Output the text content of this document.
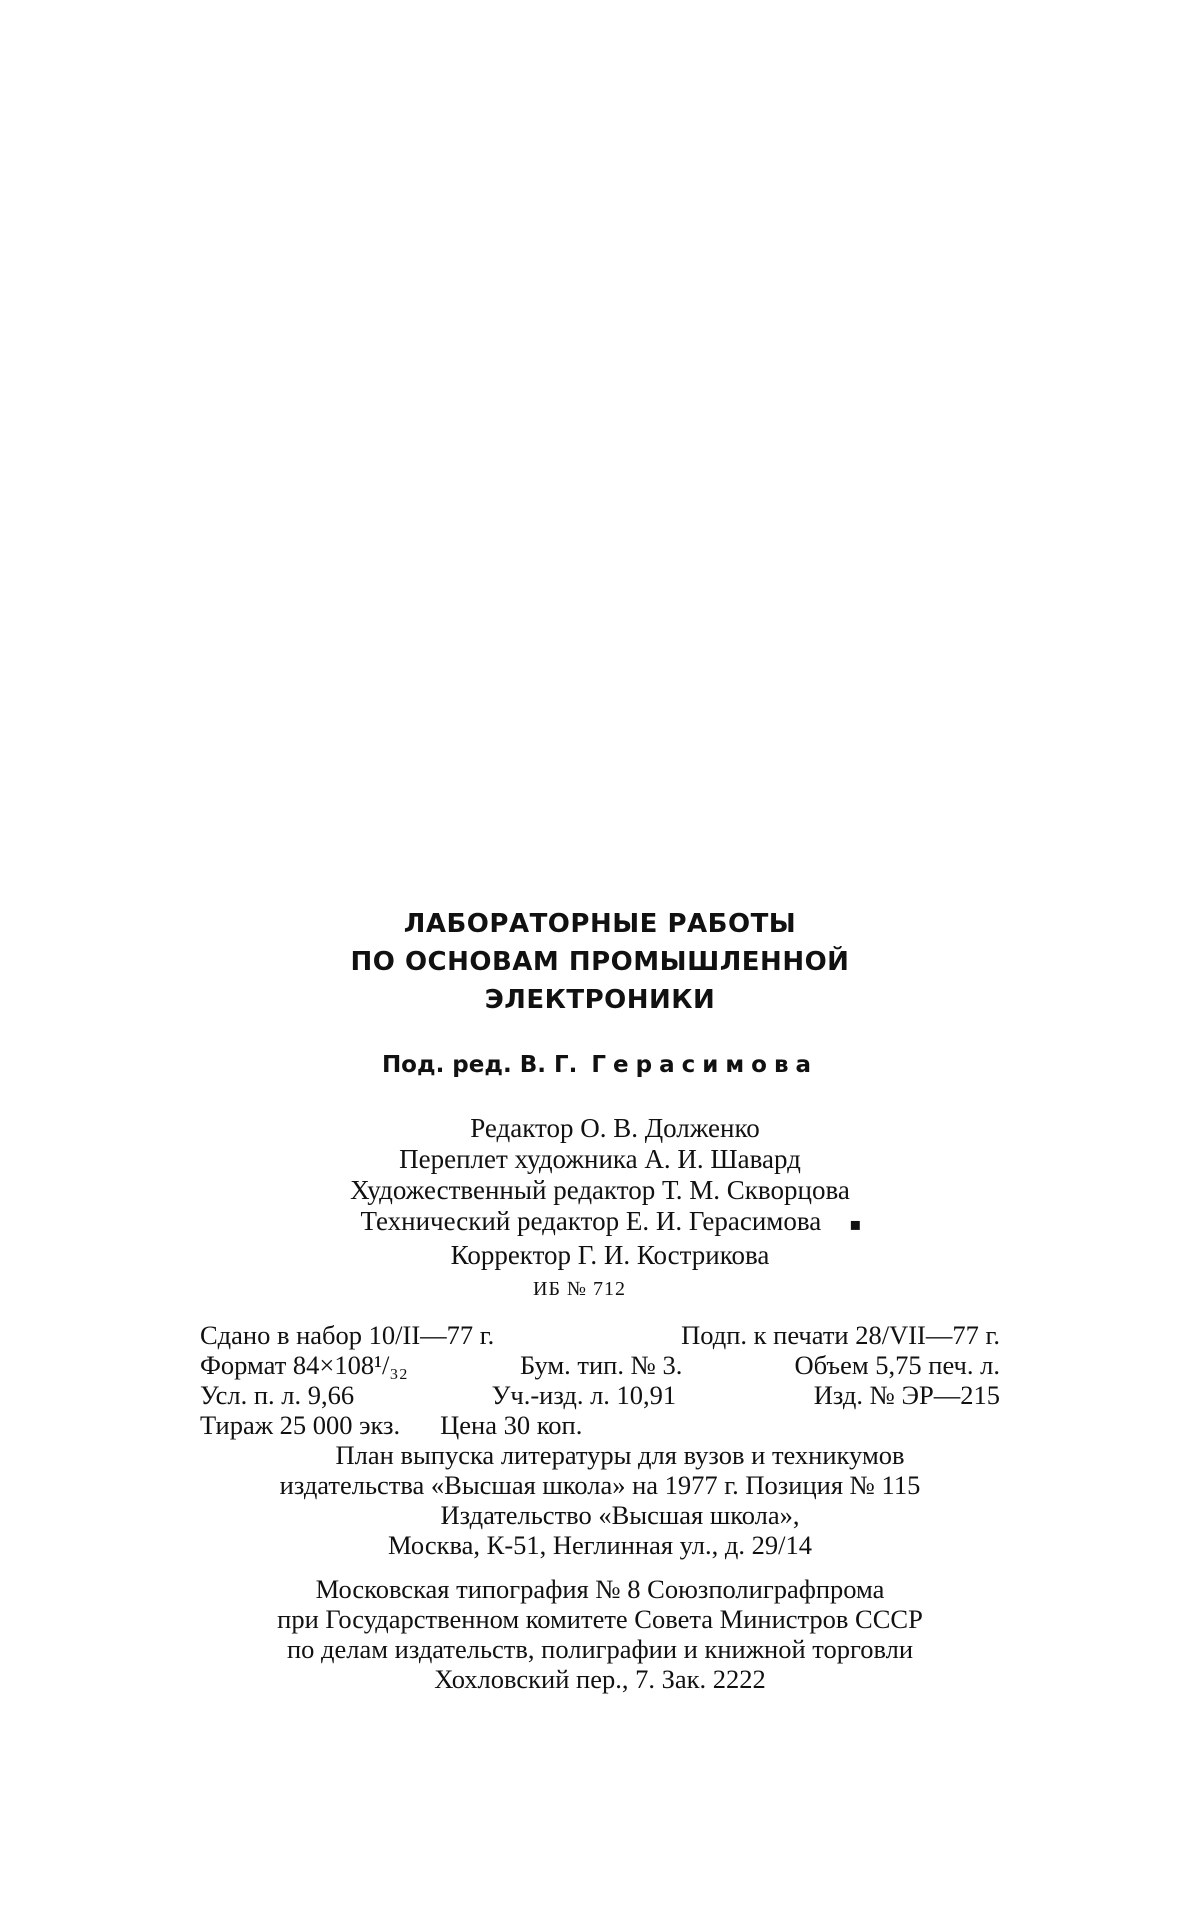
ЛАБОРАТОРНЫЕ РАБОТЫ
ПО ОСНОВАМ ПРОМЫШЛЕННОЙ
ЭЛЕКТРОНИКИ
Под. ред. В. Г. Герасимова
Редактор О. В. Долженко
Переплет художника А. И. Шавард
Художественный редактор Т. М. Скворцова
Технический редактор Е. И. Герасимова ▪
Корректор Г. И. Кострикова
ИБ № 712
Сдано в набор 10/II—77 г.	Подп. к печати 28/VII—77 г.
Формат 84×108¹/₃₂	Бум. тип. № 3.	Объем 5,75 печ. л.
Усл. п. л. 9,66	Уч.-изд. л. 10,91	Изд. № ЭР—215
Тираж 25 000 экз. Цена 30 коп.
План выпуска литературы для вузов и техникумов
издательства «Высшая школа» на 1977 г. Позиция № 115
Издательство «Высшая школа»,
Москва, К-51, Неглинная ул., д. 29/14
Московская типография № 8 Союзполиграфпрома
при Государственном комитете Совета Министров СССР
по делам издательств, полиграфии и книжной торговли
Хохловский пер., 7. Зак. 2222
